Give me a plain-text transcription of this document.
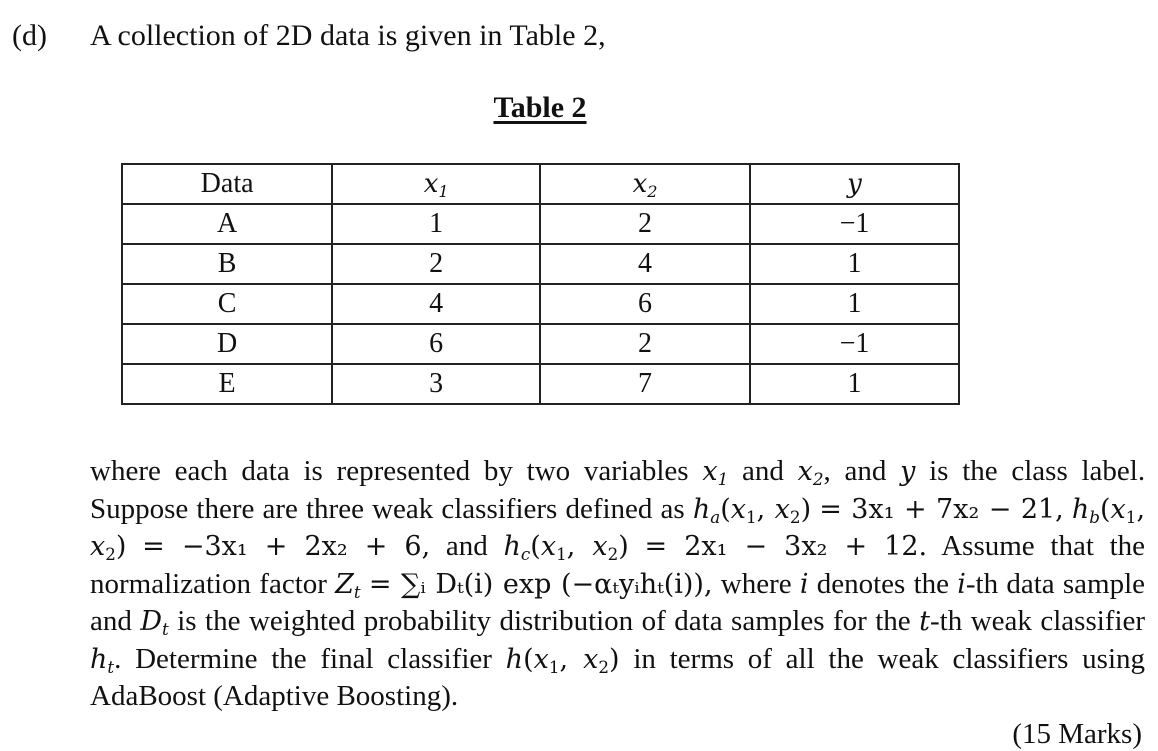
(d) A collection of 2D data is given in Table 2,
Table 2
Data	$x_1$	$x_2$	y
A	1	2	−1
B	2	4	1
C	4	6	1
D	6	2	−1
E	3	7	1
where each data is represented by two variables $x_1$ and $x_2$, and y is the class label. Suppose there are three weak classifiers defined as $h_a(x_1$, $x_2) = 3x_1 + 7x_2 - 21$, $h_b(x_1$, $x_2) = -3x_1 + 2x_2 + 6$, and $h_c(x_1$, $x_2) = 2x_1 - 3x_2 + 12$. Assume that the normalization factor $Z_t$ = ∑ᵢ Dₜ(i) exp (−αₜyᵢhₜ(i)), where i denotes the i-th data sample and $D_t$ is the weighted probability distribution of data samples for the t-th weak classifier $h_t$. Determine the final classifier $h(x_1$, $x_2$) in terms of all the weak classifiers using AdaBoost (Adaptive Boosting).
(15 Marks)
